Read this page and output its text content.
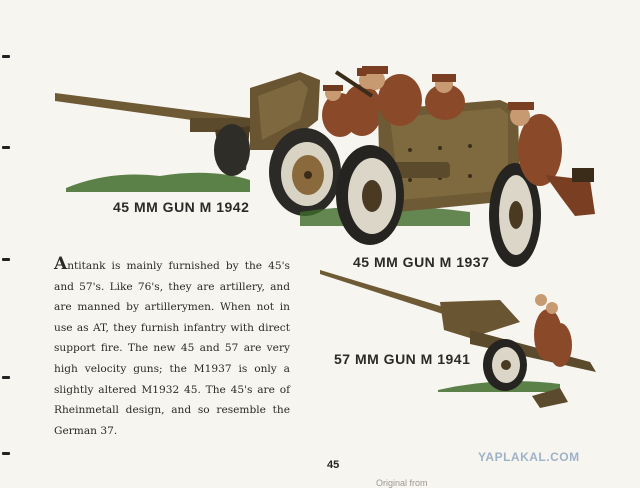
45 MM GUN M 1942
45 MM GUN M 1937
57 MM GUN M 1941

Antitank is mainly furnished by the 45's and 57's. Like 76's, they are artillery, and are manned by artillerymen. When not in use as AT, they furnish infantry with direct support fire. The new 45 and 57 are very high velocity guns; the M1937 is only a slightly altered M1932 45. The 45's are of Rheinmetall design, and so resemble the German 37.

45
YAPLAKAL.COM
Original from
